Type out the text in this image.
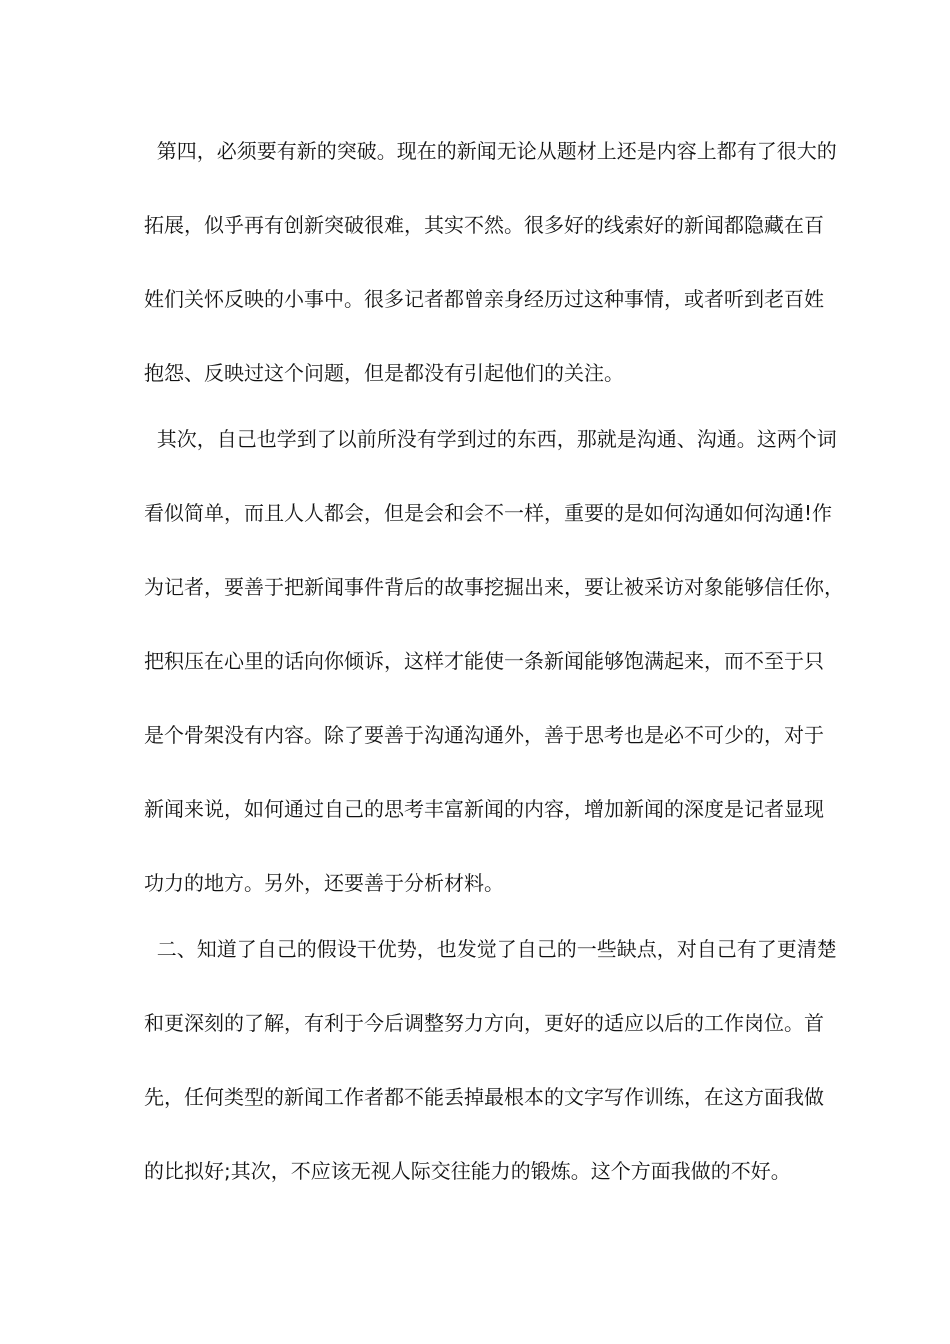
第四，必须要有新的突破。现在的新闻无论从题材上还是内容上都有了很大的
拓展，似乎再有创新突破很难，其实不然。很多好的线索好的新闻都隐藏在百
姓们关怀反映的小事中。很多记者都曾亲身经历过这种事情，或者听到老百姓
抱怨、反映过这个问题，但是都没有引起他们的关注。
其次，自己也学到了以前所没有学到过的东西，那就是沟通、沟通。这两个词
看似简单，而且人人都会，但是会和会不一样，重要的是如何沟通如何沟通!作
为记者，要善于把新闻事件背后的故事挖掘出来，要让被采访对象能够信任你，
把积压在心里的话向你倾诉，这样才能使一条新闻能够饱满起来，而不至于只
是个骨架没有内容。除了要善于沟通沟通外，善于思考也是必不可少的，对于
新闻来说，如何通过自己的思考丰富新闻的内容，增加新闻的深度是记者显现
功力的地方。另外，还要善于分析材料。
二、知道了自己的假设干优势，也发觉了自己的一些缺点，对自己有了更清楚
和更深刻的了解，有利于今后调整努力方向，更好的适应以后的工作岗位。首
先，任何类型的新闻工作者都不能丢掉最根本的文字写作训练，在这方面我做
的比拟好;其次，不应该无视人际交往能力的锻炼。这个方面我做的不好。
